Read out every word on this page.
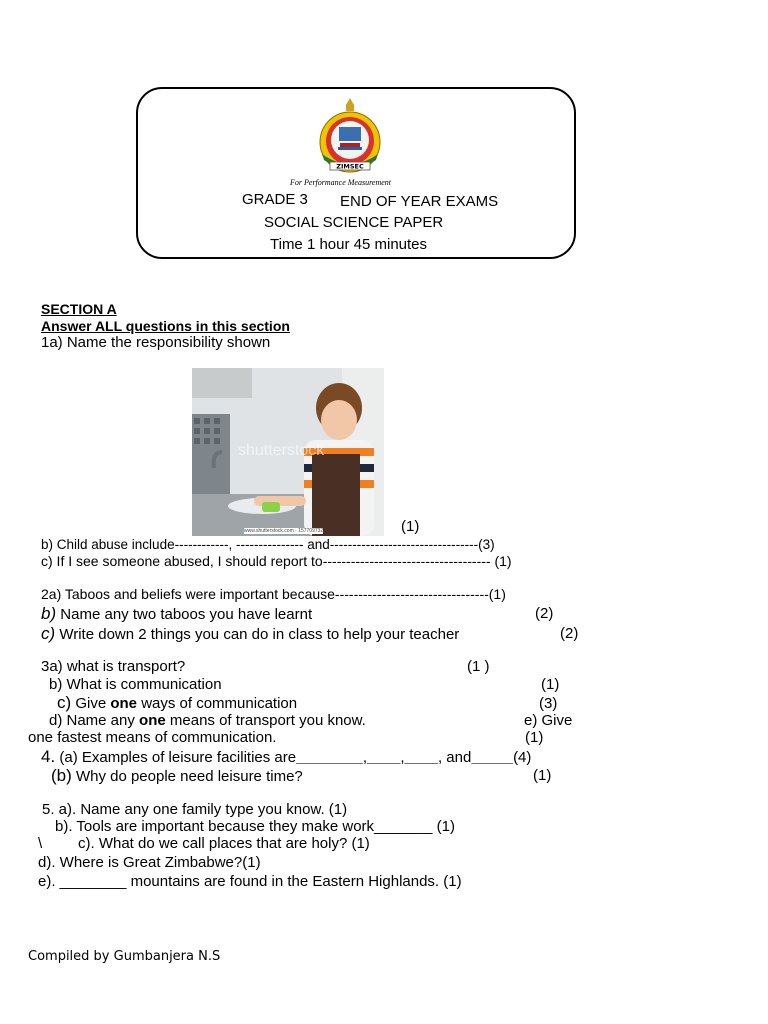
ZIMSEC
For Performance Measurement
GRADE 3 END OF YEAR EXAMS
SOCIAL SCIENCE PAPER
Time 1 hour 45 minutes
SECTION A
Answer ALL questions in this section
1a) Name the responsibility shown
shutterstock
www.shutterstock.com · 157709732	(1)
b) Child abuse include------------, --------------- and---------------------------------(3)
c) If I see someone abused, I should report to------------------------------------ (1)
2a) Taboos and beliefs were important because---------------------------------(1)
b) Name any two taboos you have learnt	(2)
c) Write down 2 things you can do in class to help your teacher	(2)
3a) what is transport?	(1 )
b) What is communication	(1)
c) Give one ways of communication	(3)
d) Name any one means of transport you know.	e) Give
one fastest means of communication.	(1)
4. (a) Examples of leisure facilities are________,____,____, and_____(4)
(b) Why do people need leisure time?	(1)
5. a). Name any one family type you know. (1)
b). Tools are important because they make work_______ (1)
\ c). What do we call places that are holy? (1)
d). Where is Great Zimbabwe?(1)
e). ________ mountains are found in the Eastern Highlands. (1)
Compiled by Gumbanjera N.S
